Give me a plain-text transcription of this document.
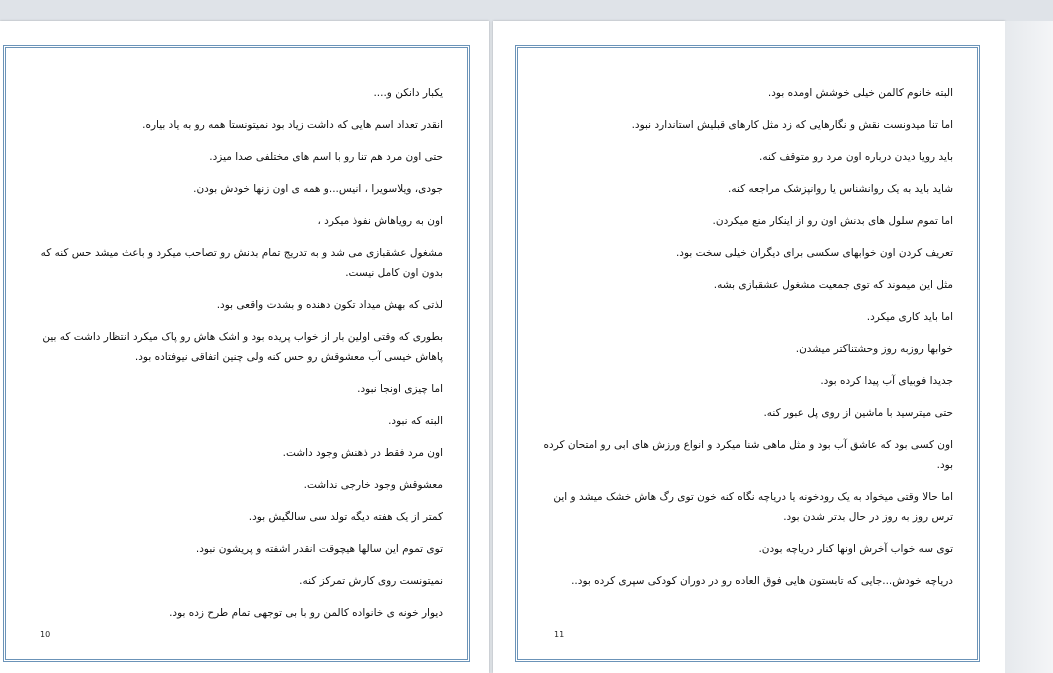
یکبار دانکن و....

انقدر تعداد اسم هایی که داشت زیاد بود نمیتونستا همه رو به یاد بیاره.

حتی اون مرد هم تنا رو با اسم های مختلفی صدا میزد.

جودی، ویلاسویرا ، انیس...و همه ی اون زنها خودش بودن.

اون به رویاهاش نفوذ میکرد ،

مشغول عشقبازی می شد و به تدریج تمام بدنش رو تصاحب میکرد و باعث میشد حس کنه که بدون اون کامل نیست.

لذتی که بهش میداد تکون دهنده و بشدت واقعی بود.

بطوری که وقتی اولین بار از خواب پریده بود و اشک هاش رو پاک میکرد انتظار داشت که بین پاهاش خیسی آب معشوقش رو حس کنه ولی چنین اتفاقی نیوفتاده بود.

اما چیزی اونجا نبود.

البته که نبود.

اون مرد فقط در ذهنش وجود داشت.

معشوقش وجود خارجی نداشت.

کمتر از یک هفته دیگه تولد سی سالگیش بود.

توی تموم این سالها هیچوقت انقدر اشفته و پریشون نبود.

نمیتونست روی کارش تمرکز کنه.

دیوار خونه ی خانواده کالمن رو با بی توجهی تمام طرح زده بود.

10

البته خانوم کالمن خیلی خوشش اومده بود.

اما تنا میدونست نقش و نگارهایی که زد مثل کارهای قبلیش استاندارد نبود.

باید رویا دیدن درباره اون مرد رو متوقف کنه.

شاید باید به یک روانشناس یا روانپزشک مراجعه کنه.

اما تموم سلول های بدنش اون رو از اینکار منع میکردن.

تعریف کردن اون خوابهای سکسی برای دیگران خیلی سخت بود.

مثل این میموند که توی جمعیت مشغول عشقبازی بشه.

اما باید کاری میکرد.

خوابها روزبه روز وحشتناکتر میشدن.

جدیدا فوبیای آب پیدا کرده بود.

حتی میترسید با ماشین از روی پل عبور کنه.

اون کسی بود که عاشق آب بود و مثل ماهی شنا میکرد و انواع ورزش های ابی رو امتحان کرده بود.

اما حالا وقتی میخواد به یک رودخونه یا دریاچه نگاه کنه خون توی رگ هاش خشک میشد و این ترس روز به روز در حال بدتر شدن بود.

توی سه خواب آخرش اونها کنار دریاچه بودن.

دریاچه خودش...جایی که تابستون هایی فوق العاده رو در دوران کودکی سپری کرده بود..

11
